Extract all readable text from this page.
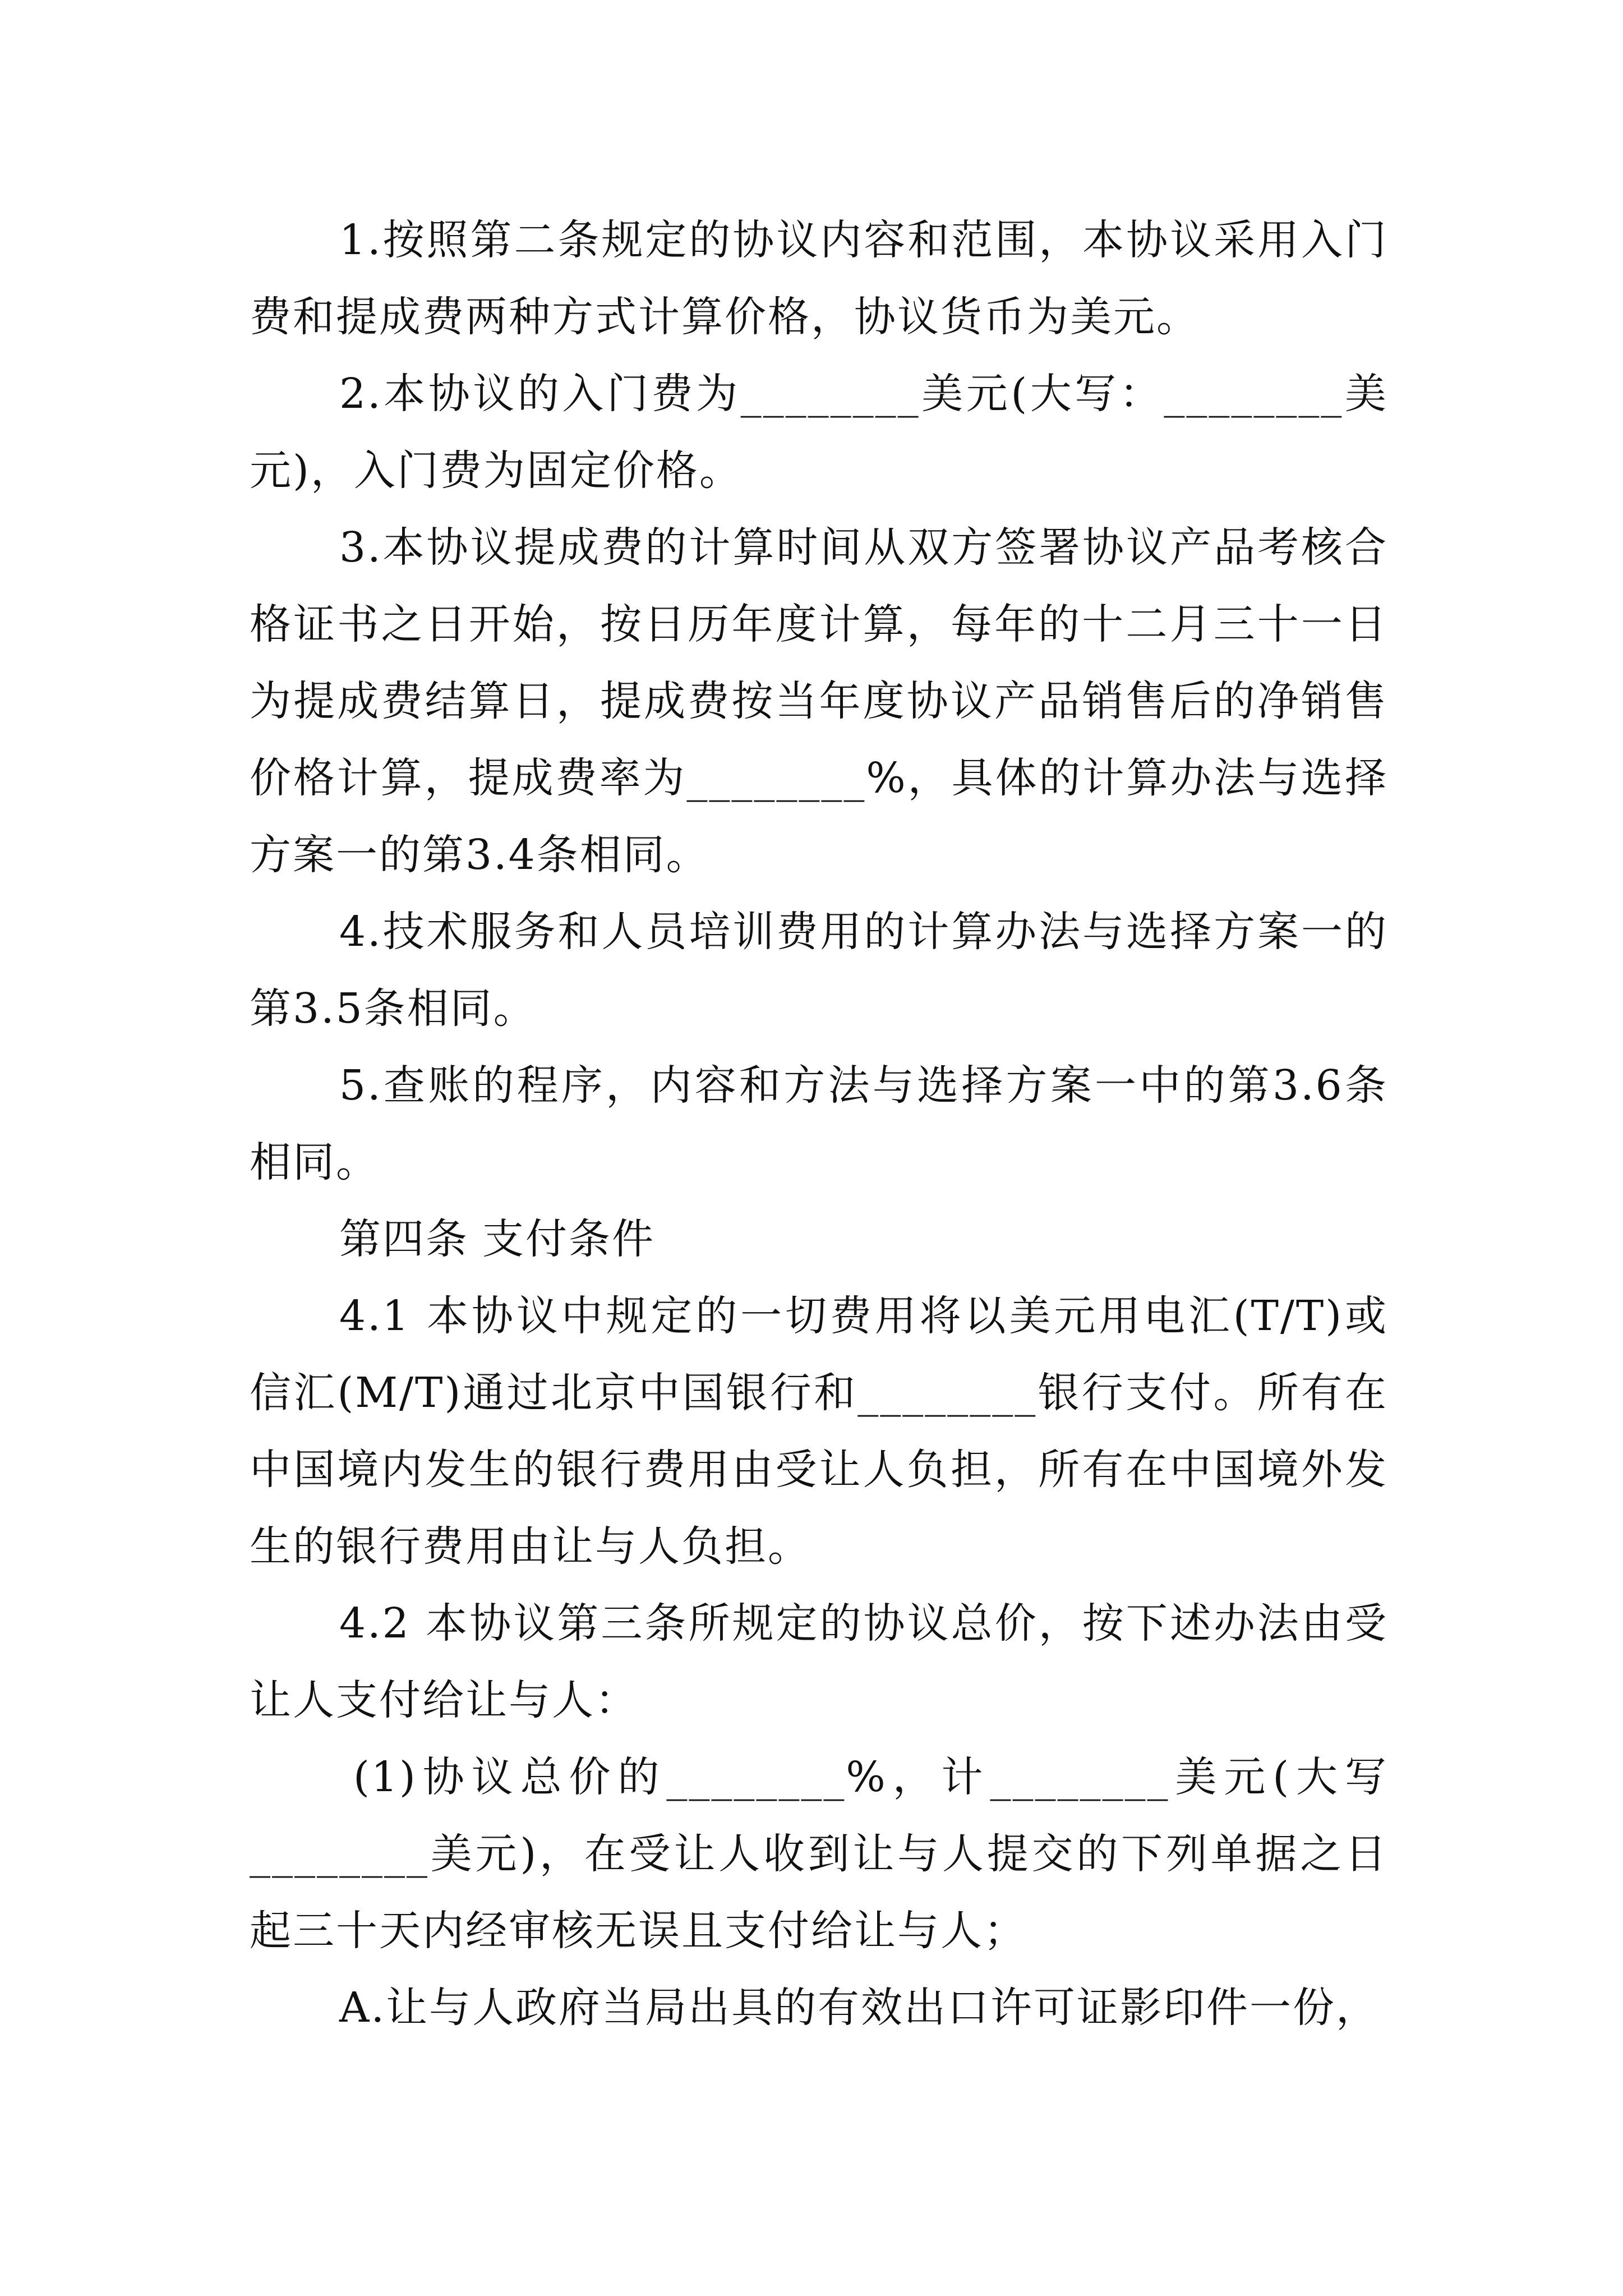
1.按照第二条规定的协议内容和范围，本协议采用入门费和提成费两种方式计算价格，协议货币为美元。

2.本协议的入门费为________美元(大写：________美元)，入门费为固定价格。

3.本协议提成费的计算时间从双方签署协议产品考核合格证书之日开始，按日历年度计算，每年的十二月三十一日为提成费结算日，提成费按当年度协议产品销售后的净销售价格计算，提成费率为________%，具体的计算办法与选择方案一的第3.4条相同。

4.技术服务和人员培训费用的计算办法与选择方案一的第3.5条相同。

5.查账的程序，内容和方法与选择方案一中的第3.6条相同。

第四条 支付条件

4.1 本协议中规定的一切费用将以美元用电汇(T/T)或信汇(M/T)通过北京中国银行和________银行支付。所有在中国境内发生的银行费用由受让人负担，所有在中国境外发生的银行费用由让与人负担。

4.2 本协议第三条所规定的协议总价，按下述办法由受让人支付给让与人：

(1)协议总价的________%，计________美元(大写________美元)，在受让人收到让与人提交的下列单据之日起三十天内经审核无误且支付给让与人；

A.让与人政府当局出具的有效出口许可证影印件一份，
